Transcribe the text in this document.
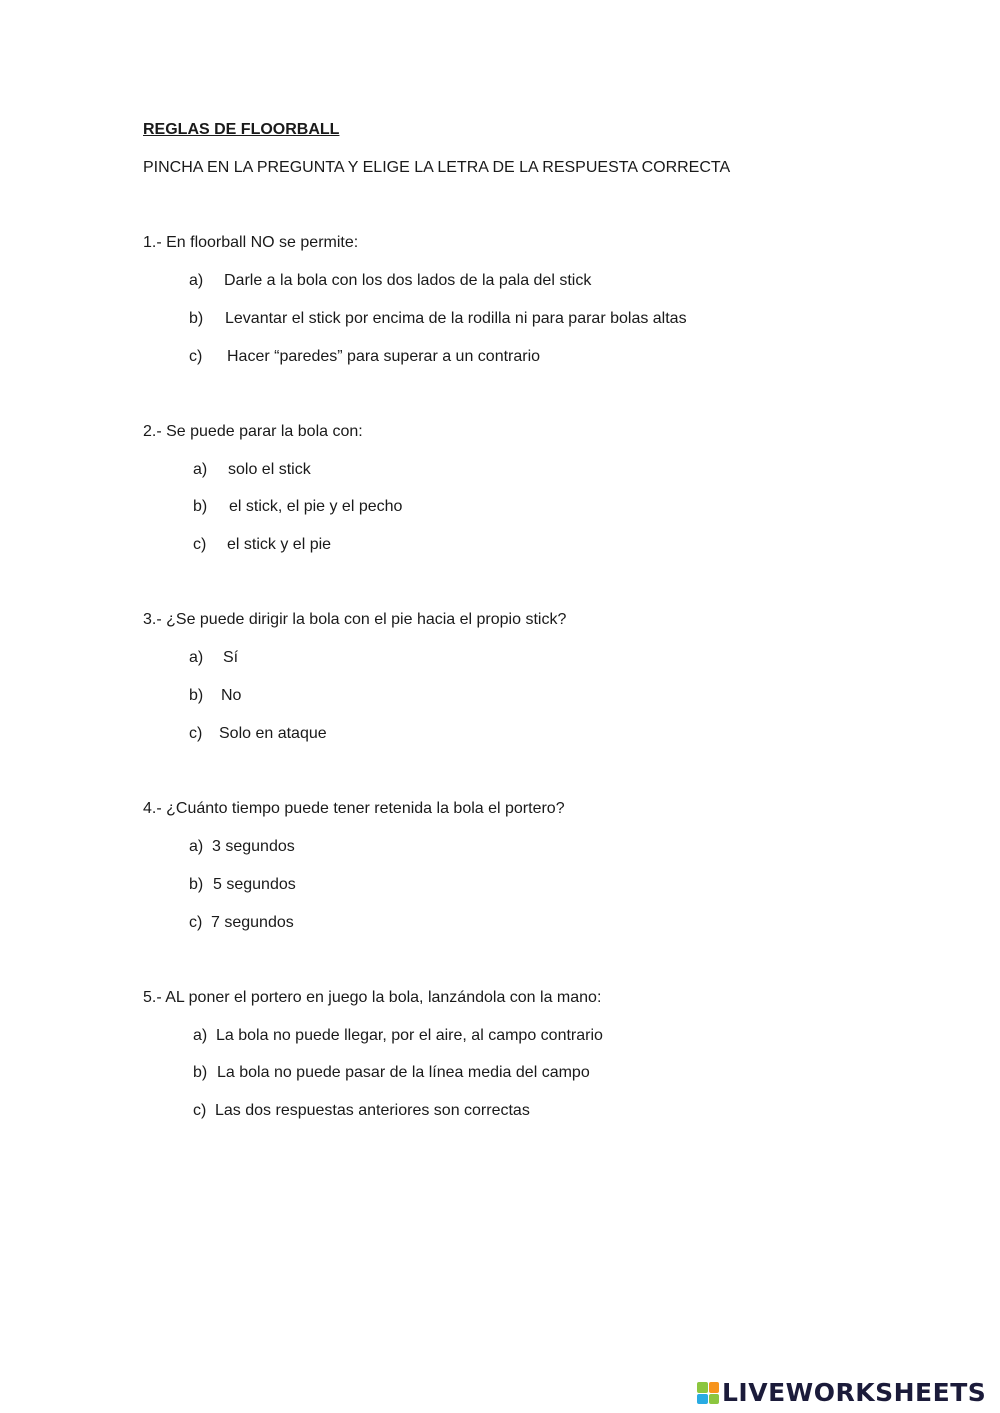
REGLAS DE FLOORBALL
PINCHA EN LA PREGUNTA Y ELIGE LA LETRA DE LA RESPUESTA CORRECTA
1.- En floorball NO se permite:
a) Darle a la bola con los dos lados de la pala del stick
b) Levantar el stick por encima de la rodilla ni para parar bolas altas
c) Hacer “paredes” para superar a un contrario
2.- Se puede parar la bola con:
a) solo el stick
b) el stick, el pie y el pecho
c) el stick y el pie
3.- ¿Se puede dirigir la bola con el pie hacia el propio stick?
a) Sí
b) No
c) Solo en ataque
4.- ¿Cuánto tiempo puede tener retenida la bola el portero?
a) 3 segundos
b) 5 segundos
c) 7 segundos
5.- AL poner el portero en juego la bola, lanzándola con la mano:
a) La bola no puede llegar, por el aire, al campo contrario
b) La bola no puede pasar de la línea media del campo
c) Las dos respuestas anteriores son correctas
LIVEWORKSHEETS
